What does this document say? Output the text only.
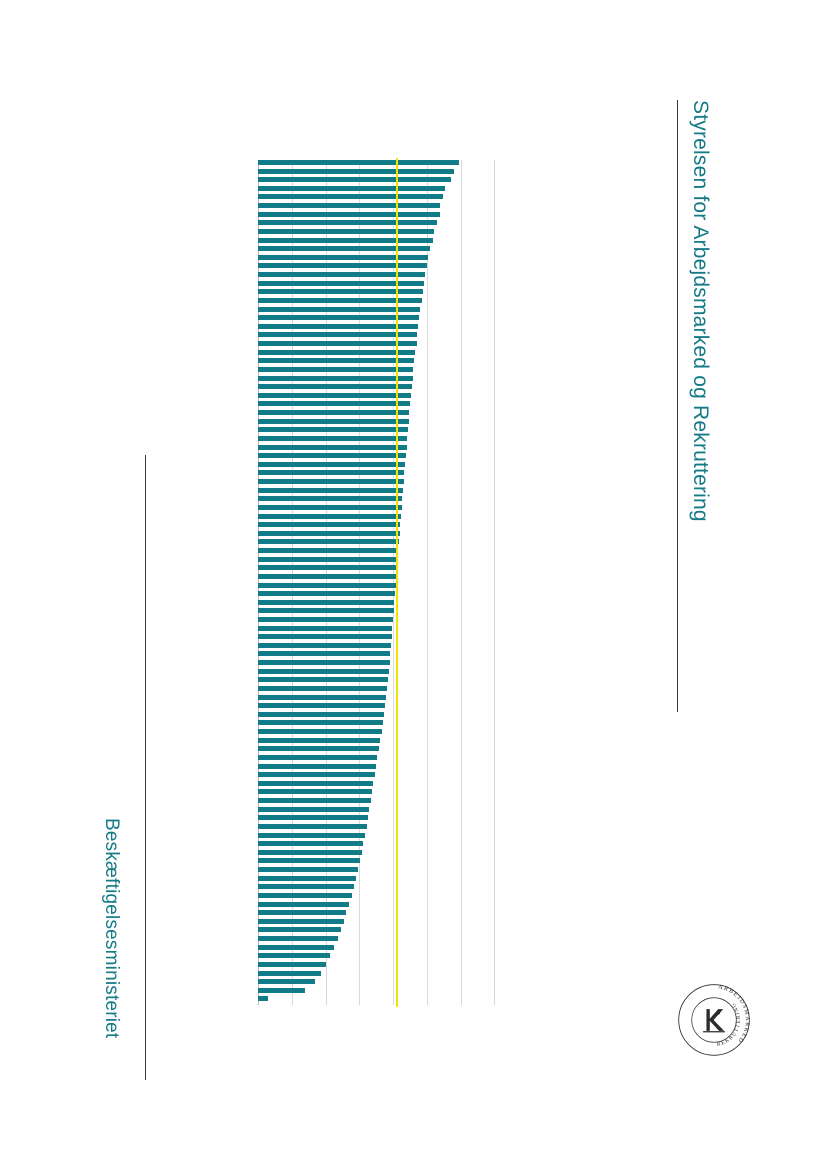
Styrelsen for Arbejdsmarked og Rekruttering
Beskæftigelsesministeriet	ARBEJDSMARKED
REKRUTTERING
